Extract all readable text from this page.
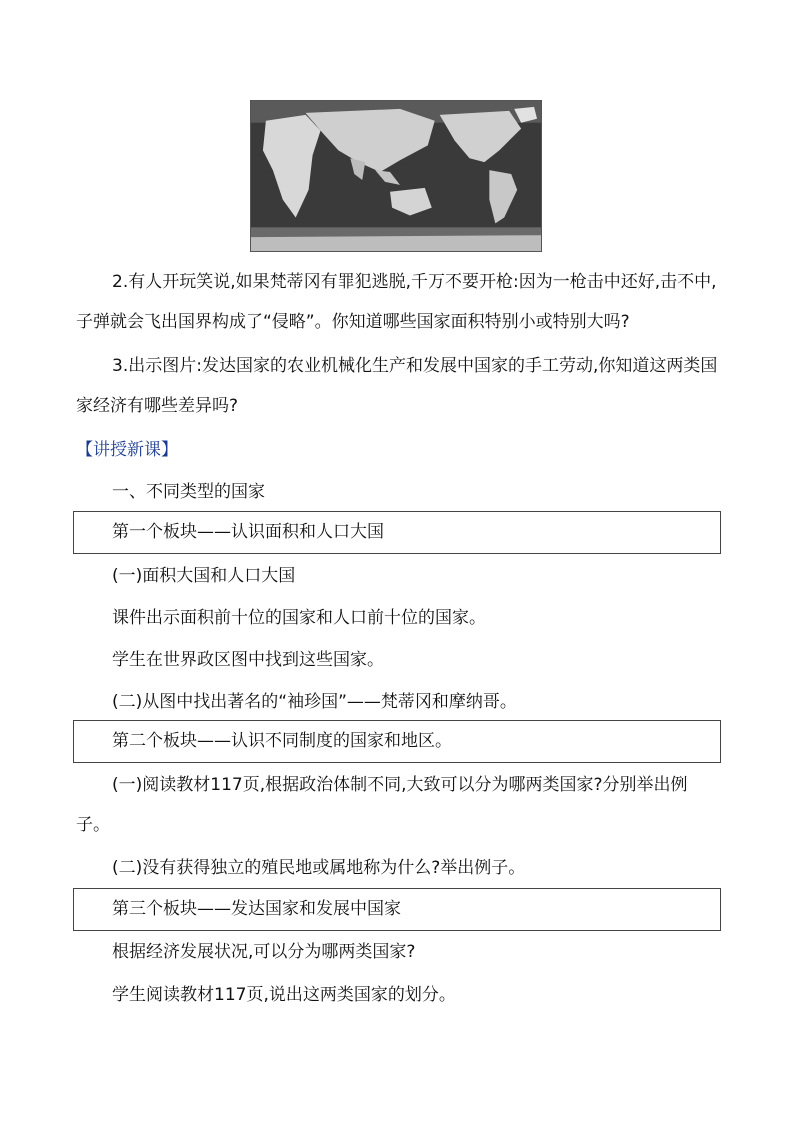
2.有人开玩笑说,如果梵蒂冈有罪犯逃脱,千万不要开枪:因为一枪击中还好,击不中,子弹就会飞出国界构成了“侵略”。你知道哪些国家面积特别小或特别大吗?

3.出示图片:发达国家的农业机械化生产和发展中国家的手工劳动,你知道这两类国家经济有哪些差异吗?

【讲授新课】

一、不同类型的国家

第一个板块——认识面积和人口大国

(一)面积大国和人口大国

课件出示面积前十位的国家和人口前十位的国家。

学生在世界政区图中找到这些国家。

(二)从图中找出著名的“袖珍国”——梵蒂冈和摩纳哥。

第二个板块——认识不同制度的国家和地区。

(一)阅读教材117页,根据政治体制不同,大致可以分为哪两类国家?分别举出例子。

(二)没有获得独立的殖民地或属地称为什么?举出例子。

第三个板块——发达国家和发展中国家

根据经济发展状况,可以分为哪两类国家?

学生阅读教材117页,说出这两类国家的划分。
